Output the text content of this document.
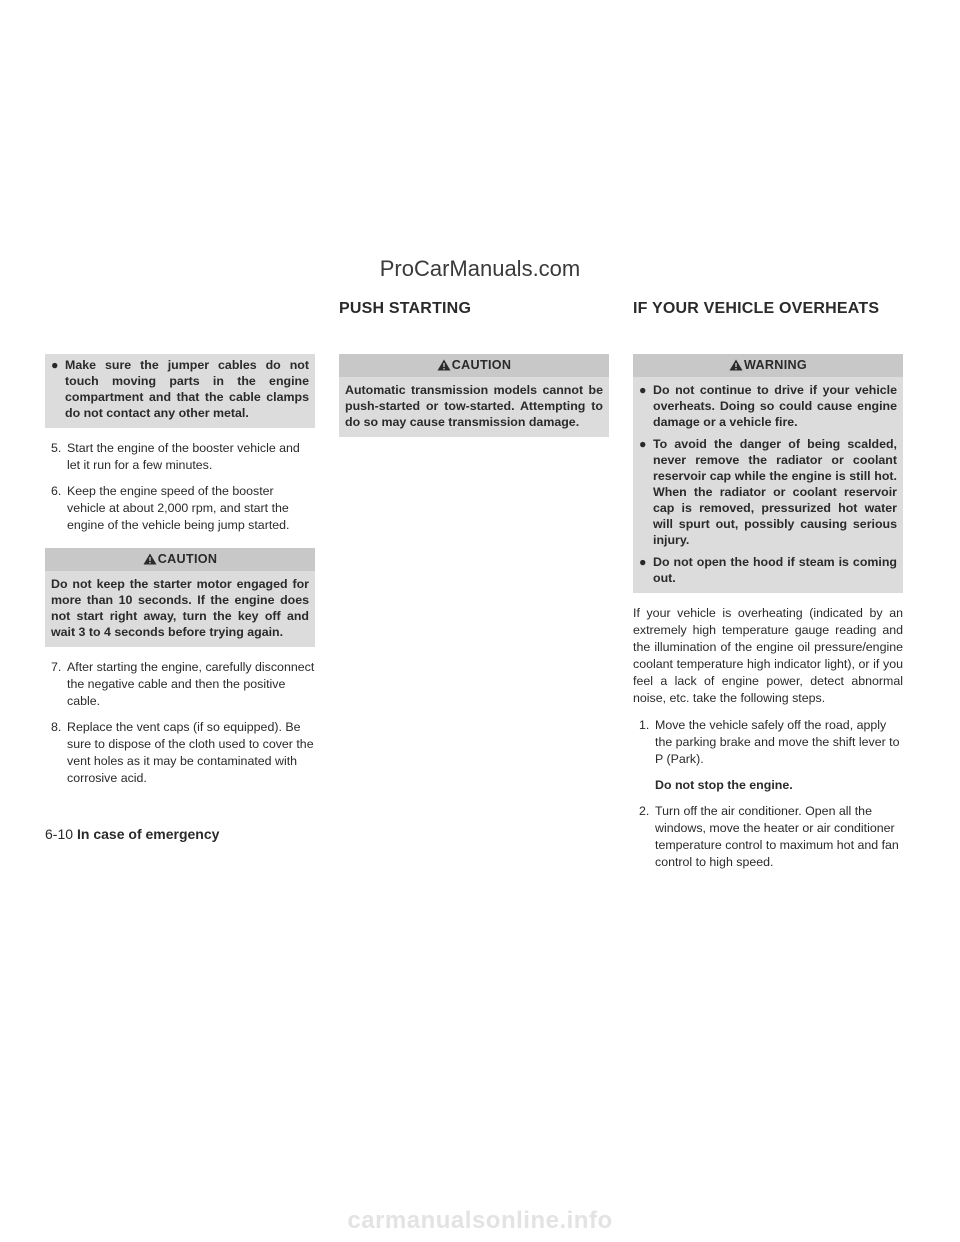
ProCarManuals.com
PUSH STARTING	IF YOUR VEHICLE OVERHEATS
● Make sure the jumper cables do not touch moving parts in the engine compartment and that the cable clamps do not contact any other metal.
5. Start the engine of the booster vehicle and let it run for a few minutes.
6. Keep the engine speed of the booster vehicle at about 2,000 rpm, and start the engine of the vehicle being jump started.
CAUTION
Do not keep the starter motor engaged for more than 10 seconds. If the engine does not start right away, turn the key off and wait 3 to 4 seconds before trying again.
7. After starting the engine, carefully disconnect the negative cable and then the positive cable.
8. Replace the vent caps (if so equipped). Be sure to dispose of the cloth used to cover the vent holes as it may be contaminated with corrosive acid.
CAUTION
Automatic transmission models cannot be push-started or tow-started. Attempting to do so may cause transmission damage.
WARNING
● Do not continue to drive if your vehicle overheats. Doing so could cause engine damage or a vehicle fire.
● To avoid the danger of being scalded, never remove the radiator or coolant reservoir cap while the engine is still hot. When the radiator or coolant reservoir cap is removed, pressurized hot water will spurt out, possibly causing serious injury.
● Do not open the hood if steam is coming out.
If your vehicle is overheating (indicated by an extremely high temperature gauge reading and the illumination of the engine oil pressure/engine coolant temperature high indicator light), or if you feel a lack of engine power, detect abnormal noise, etc. take the following steps.
1. Move the vehicle safely off the road, apply the parking brake and move the shift lever to P (Park).
Do not stop the engine.
2. Turn off the air conditioner. Open all the windows, move the heater or air conditioner temperature control to maximum hot and fan control to high speed.
6-10 In case of emergency
carmanualsonline.info
